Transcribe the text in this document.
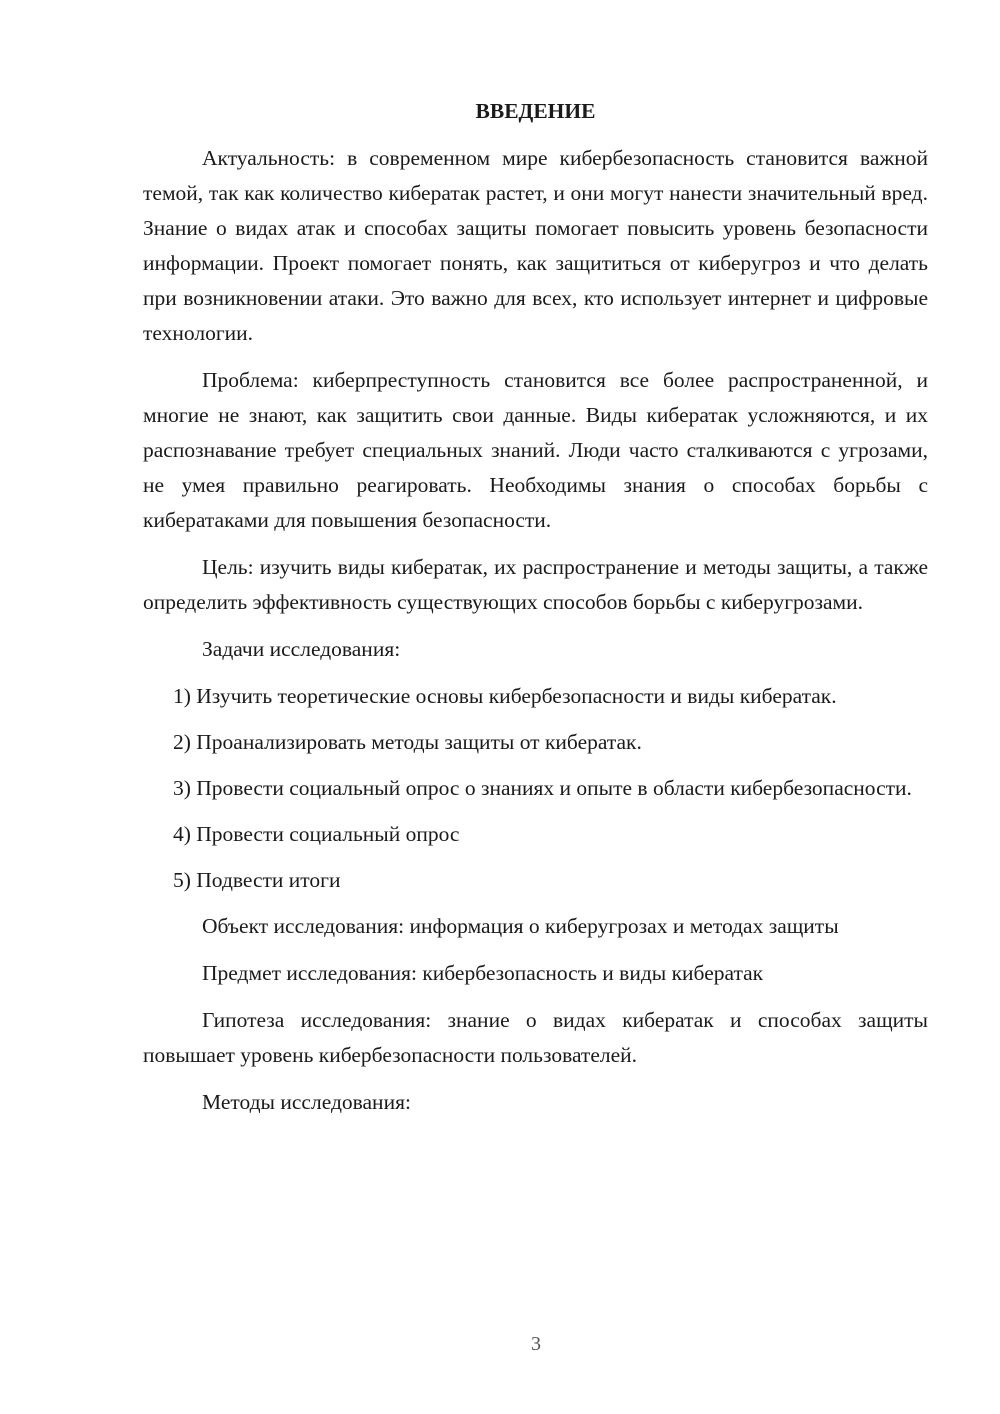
ВВЕДЕНИЕ

Актуальность: в современном мире кибербезопасность становится важной темой, так как количество кибератак растет, и они могут нанести значительный вред. Знание о видах атак и способах защиты помогает повысить уровень безопасности информации. Проект помогает понять, как защититься от киберугроз и что делать при возникновении атаки. Это важно для всех, кто использует интернет и цифровые технологии.

Проблема: киберпреступность становится все более распространенной, и многие не знают, как защитить свои данные. Виды кибератак усложняются, и их распознавание требует специальных знаний. Люди часто сталкиваются с угрозами, не умея правильно реагировать. Необходимы знания о способах борьбы с кибератаками для повышения безопасности.

Цель: изучить виды кибератак, их распространение и методы защиты, а также определить эффективность существующих способов борьбы с киберугрозами.

Задачи исследования:

1) Изучить теоретические основы кибербезопасности и виды кибератак.

2) Проанализировать методы защиты от кибератак.

3) Провести социальный опрос о знаниях и опыте в области кибербезопасности.

4) Провести социальный опрос

5) Подвести итоги

Объект исследования: информация о киберугрозах и методах защиты

Предмет исследования: кибербезопасность и виды кибератак

Гипотеза исследования: знание о видах кибератак и способах защиты повышает уровень кибербезопасности пользователей.

Методы исследования:

3
